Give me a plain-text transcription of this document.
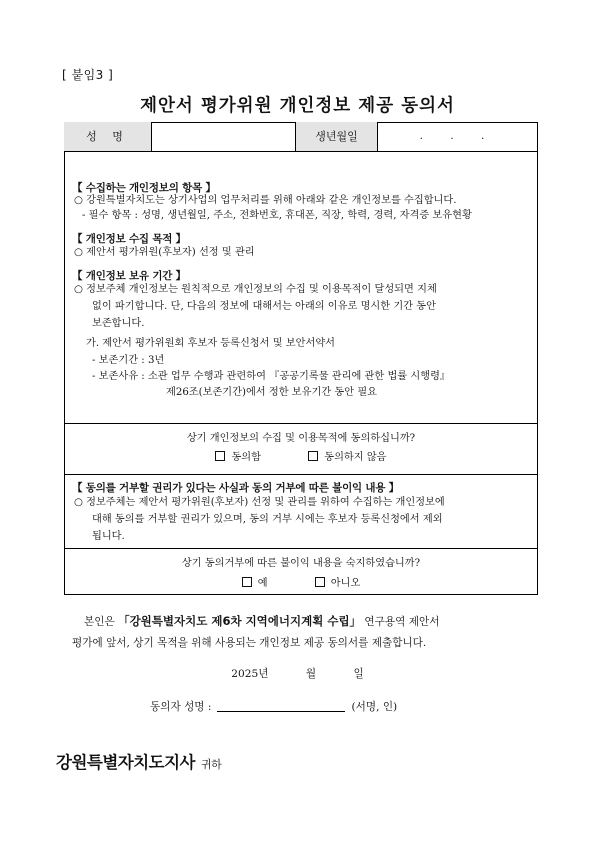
[ 붙임3 ]
제안서 평가위원 개인정보 제공 동의서
성 명	생년월일	. . .
【 수집하는 개인정보의 항목 】
○ 강원특별자치도는 상기사업의 업무처리를 위해 아래와 같은 개인정보를 수집합니다.
- 필수 항목 : 성명, 생년월일, 주소, 전화번호, 휴대폰, 직장, 학력, 경력, 자격증 보유현황
【 개인정보 수집 목적 】
○ 제안서 평가위원(후보자) 선정 및 관리
【 개인정보 보유 기간 】
○ 정보주체 개인정보는 원칙적으로 개인정보의 수집 및 이용목적이 달성되면 지체
없이 파기합니다. 단, 다음의 정보에 대해서는 아래의 이유로 명시한 기간 동안
보존합니다.
가. 제안서 평가위원회 후보자 등록신청서 및 보안서약서
- 보존기간 : 3년
- 보존사유 : 소관 업무 수행과 관련하여 『공공기록물 관리에 관한 법률 시행령』
제26조(보존기간)에서 정한 보유기간 동안 필요
상기 개인정보의 수집 및 이용목적에 동의하십니까?
동의함	동의하지 않음
【 동의를 거부할 권리가 있다는 사실과 동의 거부에 따른 불이익 내용 】
○ 정보주체는 제안서 평가위원(후보자) 선정 및 관리를 위하여 수집하는 개인정보에
대해 동의를 거부할 권리가 있으며, 동의 거부 시에는 후보자 등록신청에서 제외
됩니다.
상기 동의거부에 따른 불이익 내용을 숙지하였습니까?
예	아니오
본인은 「강원특별자치도 제6차 지역에너지계획 수립」 연구용역 제안서
평가에 앞서, 상기 목적을 위해 사용되는 개인정보 제공 동의서를 제출합니다.
2025년	월	일
동의자 성명 :	(서명, 인)
강원특별자치도지사 귀하
